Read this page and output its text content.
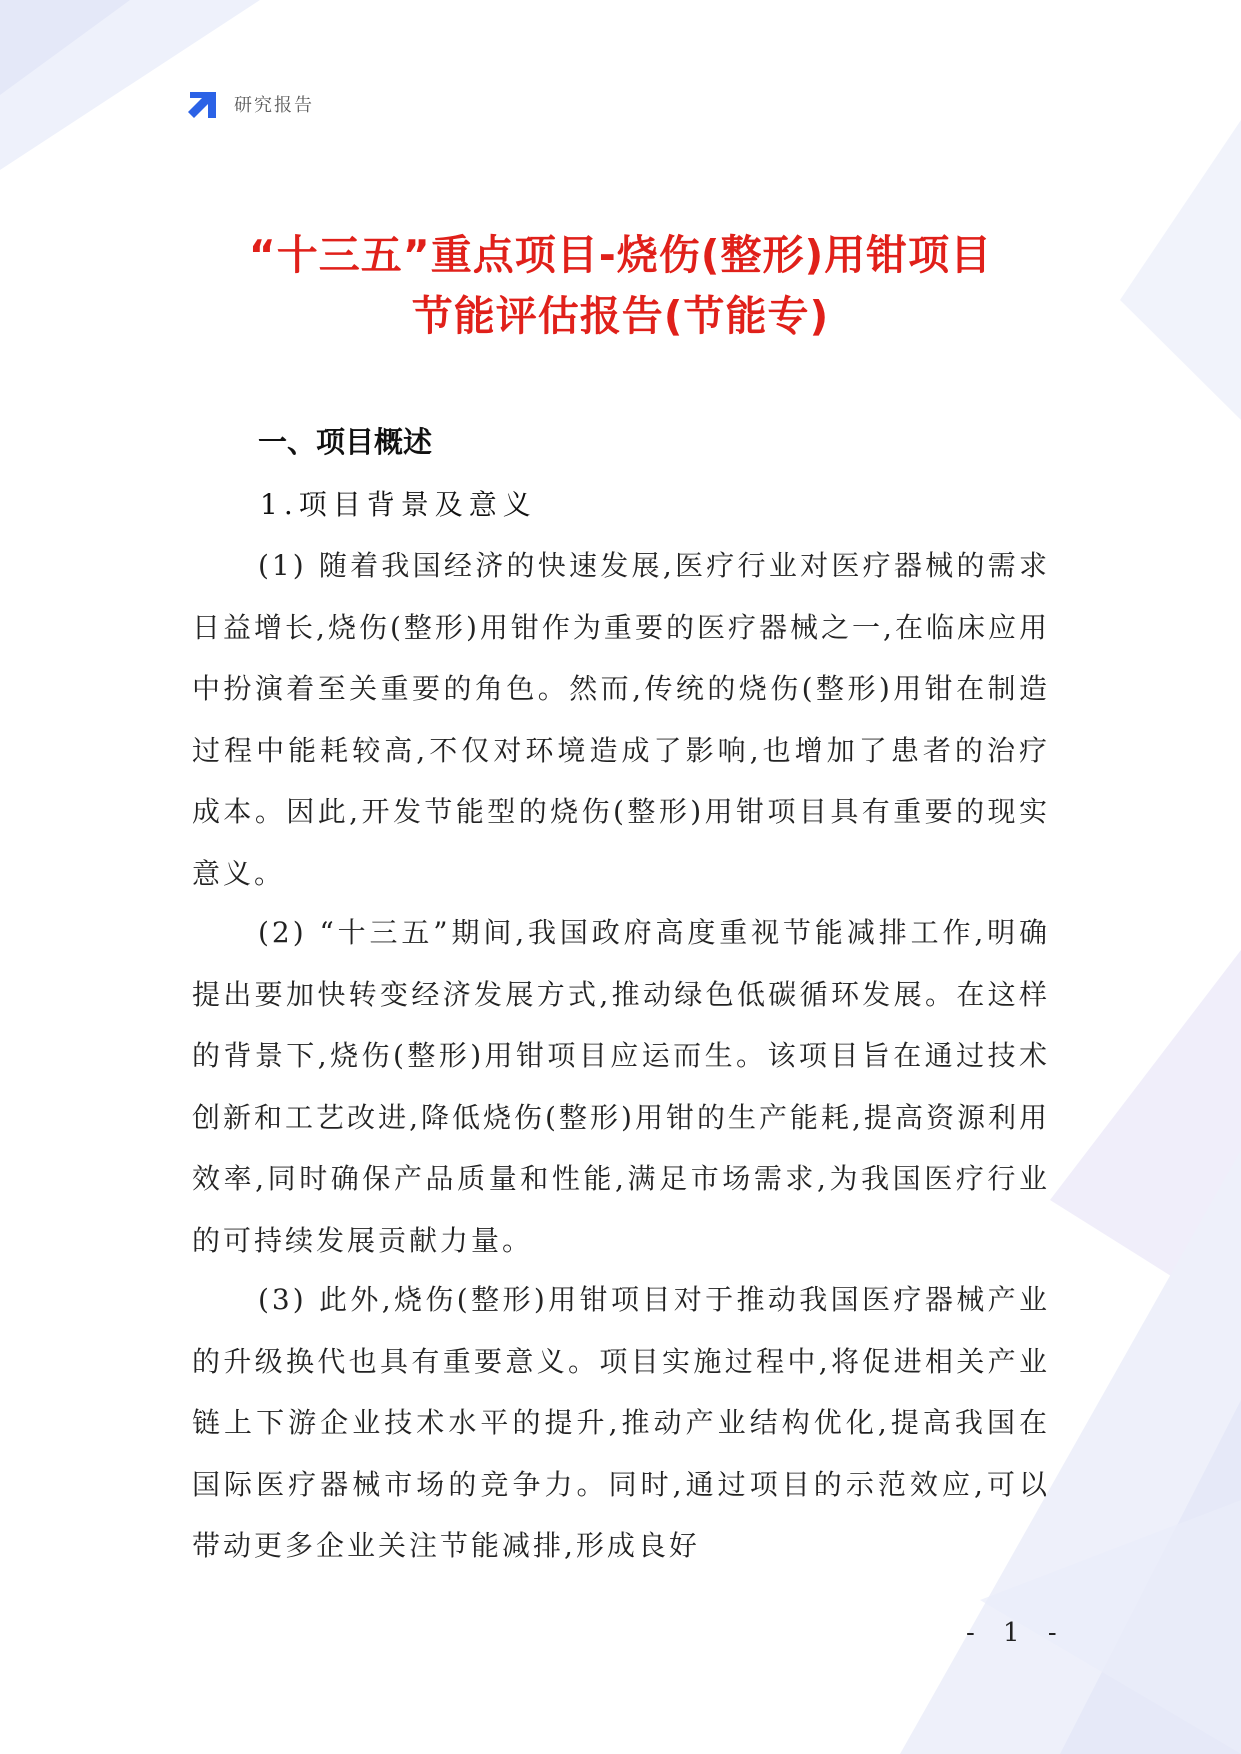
研究报告
“十三五”重点项目-烧伤(整形)用钳项目
节能评估报告(节能专)
一、项目概述
1.项目背景及意义

(1) 随着我国经济的快速发展,医疗行业对医疗器械的需求日益增长,烧伤(整形)用钳作为重要的医疗器械之一,在临床应用中扮演着至关重要的角色。然而,传统的烧伤(整形)用钳在制造过程中能耗较高,不仅对环境造成了影响,也增加了患者的治疗成本。因此,开发节能型的烧伤(整形)用钳项目具有重要的现实意义。

(2) “十三五”期间,我国政府高度重视节能减排工作,明确提出要加快转变经济发展方式,推动绿色低碳循环发展。在这样的背景下,烧伤(整形)用钳项目应运而生。该项目旨在通过技术创新和工艺改进,降低烧伤(整形)用钳的生产能耗,提高资源利用效率,同时确保产品质量和性能,满足市场需求,为我国医疗行业的可持续发展贡献力量。

(3) 此外,烧伤(整形)用钳项目对于推动我国医疗器械产业的升级换代也具有重要意义。项目实施过程中,将促进相关产业链上下游企业技术水平的提升,推动产业结构优化,提高我国在国际医疗器械市场的竞争力。同时,通过项目的示范效应,可以带动更多企业关注节能减排,形成良好

- 1 -
